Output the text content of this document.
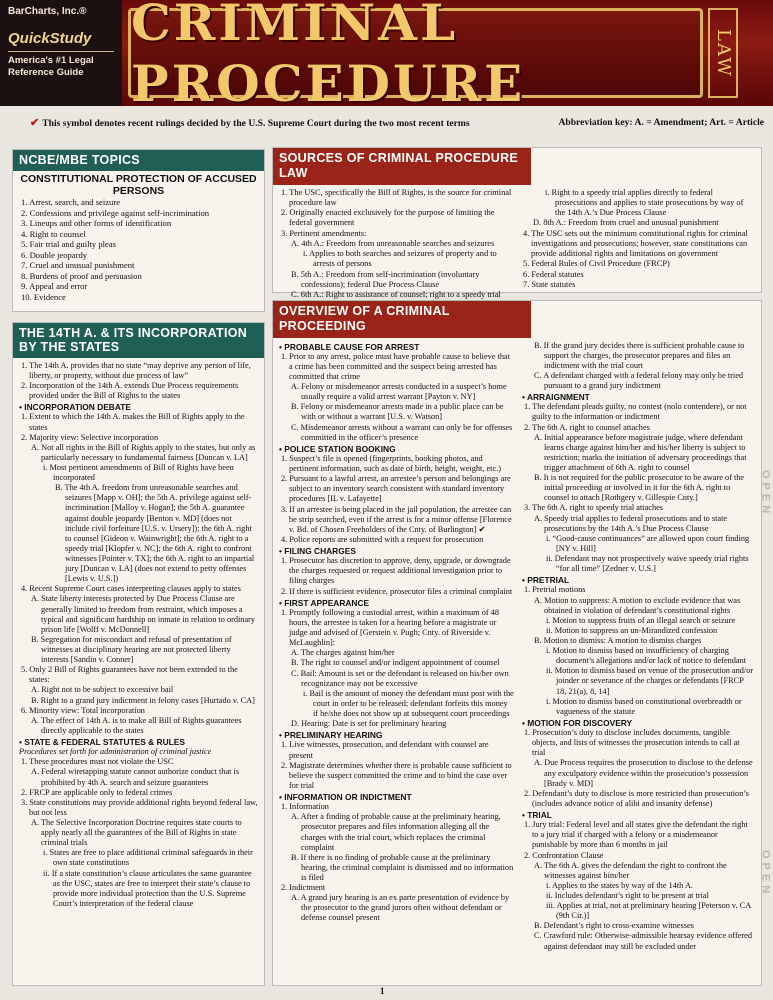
BarCharts, Inc.®
QuickStudy
America's #1 Legal Reference Guide
CRIMINAL PROCEDURE
LAW
✔ This symbol denotes recent rulings decided by the U.S. Supreme Court during the two most recent terms	Abbreviation key: A. = Amendment; Art. = Article
NCBE/MBE TOPICS
CONSTITUTIONAL PROTECTION OF ACCUSED PERSONS
1. Arrest, search, and seizure
2. Confessions and privilege against self-incrimination
3. Lineups and other forms of identification
4. Right to counsel
5. Fair trial and guilty pleas
6. Double jeopardy
7. Cruel and unusual punishment
8. Burdens of proof and persuasion
9. Appeal and error
10. Evidence
THE 14TH A. & ITS INCORPORATION BY THE STATES
1. The 14th A. provides that no state “may deprive any person of life, liberty, or property, without due process of law”
2. Incorporation of the 14th A. extends Due Process requirements provided under the Bill of Rights to the states
• INCORPORATION DEBATE
1. Extent to which the 14th A. makes the Bill of Rights apply to the states
2. Majority view: Selective incorporation
A. Not all rights in the Bill of Rights apply to the states, but only as particularly necessary to fundamental fairness [Duncan v. LA]
i. Most pertinent amendments of Bill of Rights have been incorporated
B. The 4th A. freedom from unreasonable searches and seizures [Mapp v. OH]; the 5th A. privilege against self-incrimination [Malloy v. Hogan]; the 5th A. guarantee against double jeopardy [Benton v. MD] (does not include civil forfeiture [U.S. v. Ursery]); the 6th A. right to counsel [Gideon v. Wainwright]; the 6th A. right to a speedy trial [Klopfer v. NC]; the 6th A. right to confront witnesses [Pointer v. TX]; the 6th A. right to an impartial jury [Duncan v. LA] (does not extend to petty offenses [Lewis v. U.S.])
4. Recent Supreme Court cases interpreting clauses apply to states
A. State liberty interests protected by Due Process Clause are generally limited to freedom from restraint, which imposes a typical and significant hardship on inmate in relation to ordinary prison life [Wolff v. McDonnell]
B. Segregation for misconduct and refusal of presentation of witnesses at disciplinary hearing are not protected liberty interests [Sandin v. Conner]
5. Only 2 Bill of Rights guarantees have not been extended to the states:
A. Right not to be subject to excessive bail
B. Right to a grand jury indictment in felony cases [Hurtado v. CA]
6. Minority view: Total incorporation
A. The effect of 14th A. is to make all Bill of Rights guarantees directly applicable to the states
• STATE & FEDERAL STATUTES & RULES
Procedures set forth for administration of criminal justice
1. These procedures must not violate the USC
A. Federal wiretapping statute cannot authorize conduct that is prohibited by 4th A. search and seizure guarantees
2. FRCP are applicable only to federal crimes
3. State constitutions may provide additional rights beyond federal law, but not less
A. The Selective Incorporation Doctrine requires state courts to apply nearly all the guarantees of the Bill of Rights in state criminal trials
i. States are free to place additional criminal safeguards in their own state constitutions
ii. If a state constitution’s clause articulates the same guarantee as the USC, states are free to interpret their state’s clause to provide more individual protection than the U.S. Supreme Court’s interpretation of the federal clause
SOURCES OF CRIMINAL PROCEDURE LAW
1. The USC, specifically the Bill of Rights, is the source for criminal procedure law
2. Originally enacted exclusively for the purpose of limiting the federal government
3. Pertinent amendments:
A. 4th A.: Freedom from unreasonable searches and seizures
i. Applies to both searches and seizures of property and to arrests of persons
B. 5th A.: Freedom from self-incrimination (involuntary confessions); federal Due Process Clause
C. 6th A.: Right to assistance of counsel; right to a speedy trial
i. Right to a speedy trial applies directly to federal prosecutions and applies to state prosecutions by way of the 14th A.’s Due Process Clause
D. 8th A.: Freedom from cruel and unusual punishment
4. The USC sets out the minimum constitutional rights for criminal investigations and prosecutions; however, state constitutions can provide additional rights and limitations on government
5. Federal Rules of Civil Procedure (FRCP)
6. Federal statutes
7. State statutes
OVERVIEW OF A CRIMINAL PROCEEDING
• PROBABLE CAUSE FOR ARREST
1. Prior to any arrest, police must have probable cause to believe that a crime has been committed and the suspect being arrested has committed that crime
A. Felony or misdemeanor arrests conducted in a suspect’s home usually require a valid arrest warrant [Payton v. NY]
B. Felony or misdemeanor arrests made in a public place can be with or without a warrant [U.S. v. Watson]
C. Misdemeanor arrests without a warrant can only be for offenses committed in the officer’s presence
• POLICE STATION BOOKING
1. Suspect’s file is opened (fingerprints, booking photos, and pertinent information, such as date of birth, height, weight, etc.)
2. Pursuant to a lawful arrest, an arrestee’s person and belongings are subject to an inventory search consistent with standard inventory procedures [IL v. Lafayette]
3. If an arrestee is being placed in the jail population, the arrestee can be strip searched, even if the arrest is for a minor offense [Florence v. Bd. of Chosen Freeholders of the Cnty. of Burlington] ✔
4. Police reports are submitted with a request for prosecution
• FILING CHARGES
1. Prosecutor has discretion to approve, deny, upgrade, or downgrade the charges requested or request additional investigation prior to filing charges
2. If there is sufficient evidence, prosecutor files a criminal complaint
• FIRST APPEARANCE
1. Promptly following a custodial arrest, within a maximum of 48 hours, the arrestee is taken for a hearing before a magistrate or judge and advised of [Gerstein v. Pugh; Cnty. of Riverside v. McLaughlin]:
A. The charges against him/her
B. The right to counsel and/or indigent appointment of counsel
C. Bail: Amount is set or the defendant is released on his/her own recognizance may not be excessive
i. Bail is the amount of money the defendant must post with the court in order to be released; defendant forfeits this money if he/she does not show up at subsequent court proceedings
D. Hearing: Date is set for preliminary hearing
• PRELIMINARY HEARING
1. Live witnesses, prosecution, and defendant with counsel are present
2. Magistrate determines whether there is probable cause sufficient to believe the suspect committed the crime and to bind the case over for trial
• INFORMATION OR INDICTMENT
1. Information
A. After a finding of probable cause at the preliminary hearing, prosecutor prepares and files information alleging all the charges with the trial court, which replaces the criminal complaint
B. If there is no finding of probable cause at the preliminary hearing, the criminal complaint is dismissed and no information is filed
2. Indictment
A. A grand jury hearing is an ex parte presentation of evidence by the prosecutor to the grand jurors often without defendant or defense counsel present
B. If the grand jury decides there is sufficient probable cause to support the charges, the prosecutor prepares and files an indictment with the trial court
C. A defendant charged with a federal felony may only be tried pursuant to a grand jury indictment
• ARRAIGNMENT
1. The defendant pleads guilty, no contest (nolo contendere), or not guilty to the information or indictment
2. The 6th A. right to counsel attaches
A. Initial appearance before magistrate judge, where defendant learns charge against him/her and his/her liberty is subject to restriction; marks the initiation of adversary proceedings that trigger attachment of 6th A. right to counsel
B. It is not required for the public prosecutor to be aware of the initial proceeding or involved in it for the 6th A. right to counsel to attach [Rothgery v. Gillespie Cnty.]
3. The 6th A. right to speedy trial attaches
A. Speedy trial applies to federal prosecutions and to state prosecutions by the 14th A.’s Due Process Clause
i. “Good-cause continuances” are allowed upon court finding [NY v. Hill]
ii. Defendant may not prospectively waive speedy trial rights “for all time” [Zedner v. U.S.]
• PRETRIAL
1. Pretrial motions
A. Motion to suppress: A motion to exclude evidence that was obtained in violation of defendant’s constitutional rights
i. Motion to suppress fruits of an illegal search or seizure
ii. Motion to suppress an un-Mirandized confession
B. Motion to dismiss: A motion to dismiss charges
i. Motion to dismiss based on insufficiency of charging document’s allegations and/or lack of notice to defendant
ii. Motion to dismiss based on venue of the prosecution and/or joinder or severance of the charges or defendants [FRCP 18, 21(a), 8, 14]
i. Motion to dismiss based on constitutional overbreadth or vagueness of the statute
• MOTION FOR DISCOVERY
1. Prosecution’s duty to disclose includes documents, tangible objects, and lists of witnesses the prosecution intends to call at trial
A. Due Process requires the prosecution to disclose to the defense any exculpatory evidence within the prosecution’s possession [Brady v. MD]
2. Defendant’s duty to disclose is more restricted than prosecution’s (includes advance notice of alibi and insanity defense)
• TRIAL
1. Jury trial: Federal level and all states give the defendant the right to a jury trial if charged with a felony or a misdemeanor punishable by more than 6 months in jail
2. Confrontation Clause
A. The 6th A. gives the defendant the right to confront the witnesses against him/her
i. Applies to the states by way of the 14th A.
ii. Includes defendant’s right to be present at trial
iii. Applies at trial, not at preliminary hearing [Peterson v. CA (9th Cir.)]
B. Defendant’s right to cross-examine witnesses
C. Crawford rule: Otherwise-admissible hearsay evidence offered against defendant may still be excluded under
OPEN
OPEN
1
